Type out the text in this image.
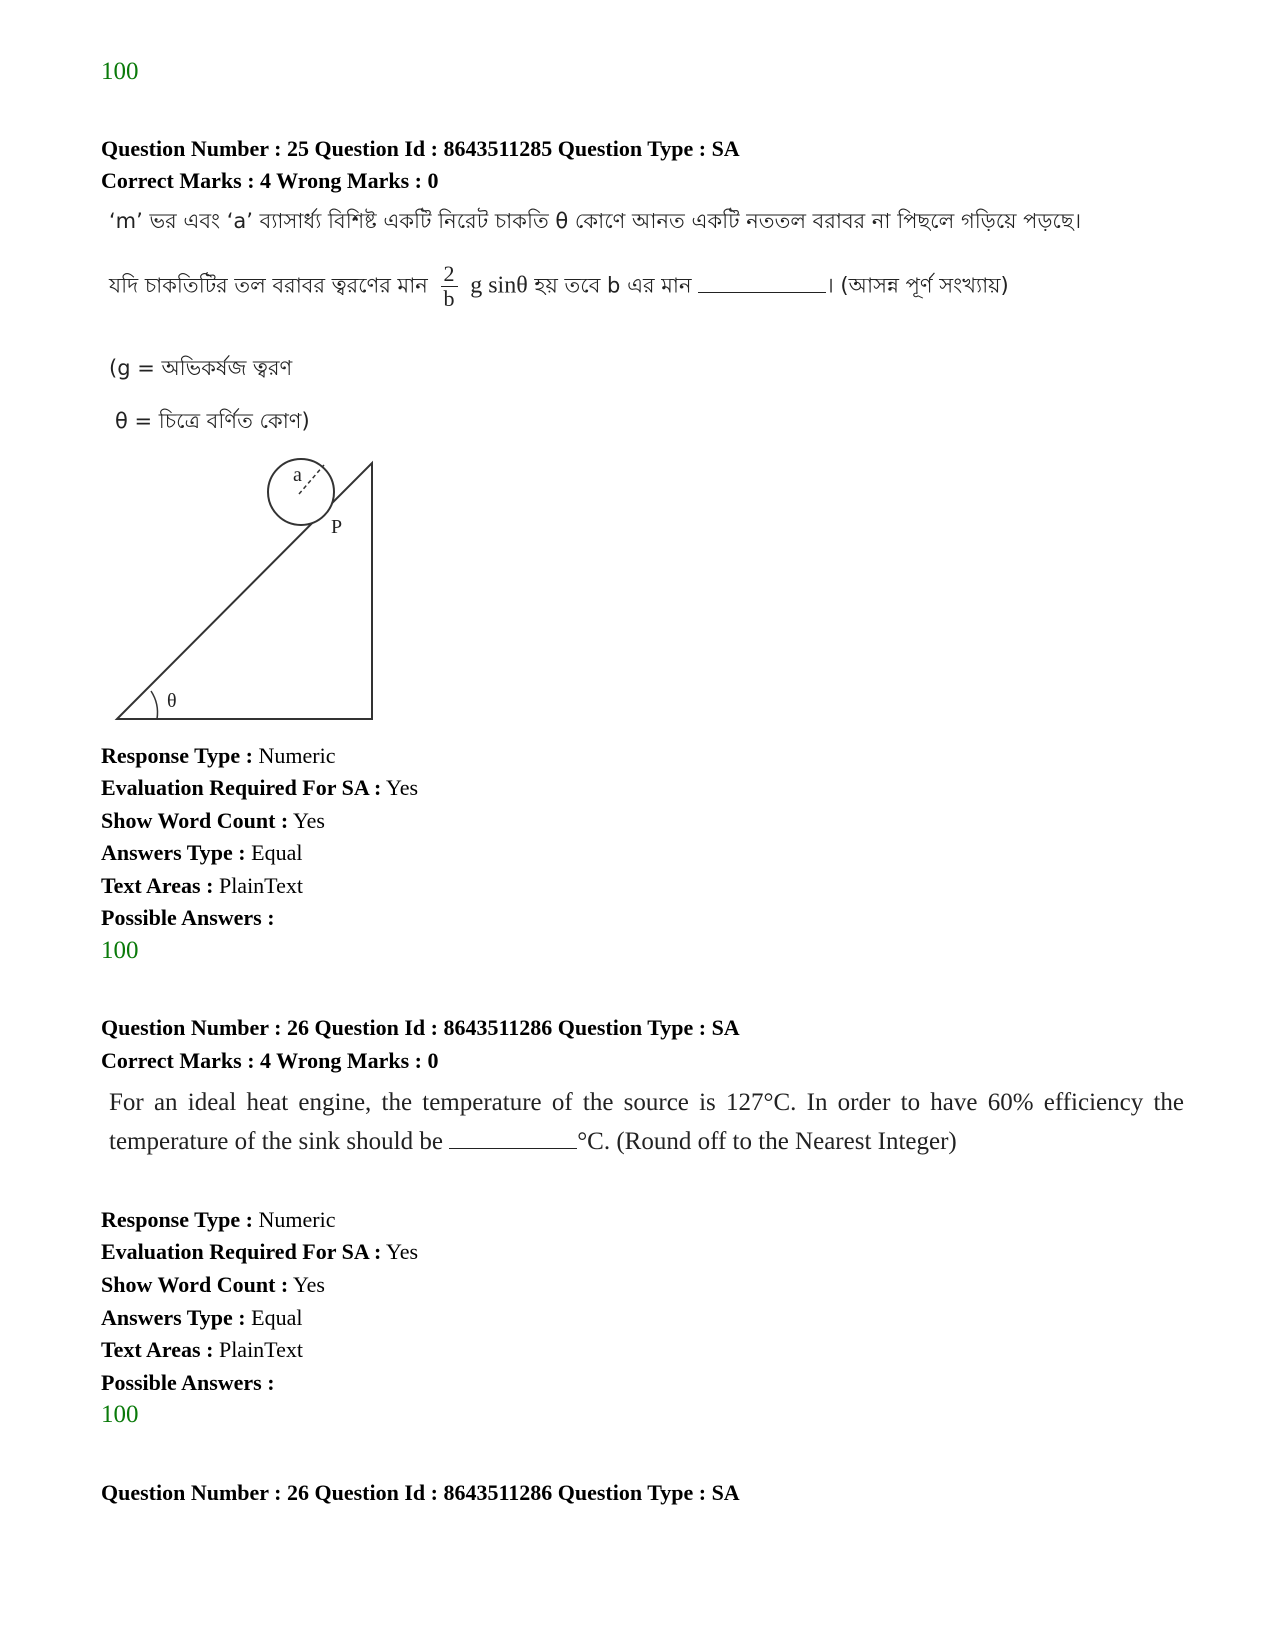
100
Question Number : 25 Question Id : 8643511285 Question Type : SA
Correct Marks : 4 Wrong Marks : 0
‘m’ ভর এবং ‘a’ ব্যাসার্ধ্য বিশিষ্ট একটি নিরেট চাকতি θ কোণে আনত একটি নততল বরাবর না পিছলে গড়িয়ে পড়ছে।
যদি চাকতিটির তল বরাবর ত্বরণের মান $\frac{2}{b}$ g sinθ হয় তবে b এর মান	। (আসন্ন পূর্ণ সংখ্যায়)
(g = অভিকর্ষজ ত্বরণ
θ = চিত্রে বর্ণিত কোণ)
a
P
θ
Response Type : Numeric
Evaluation Required For SA : Yes
Show Word Count : Yes
Answers Type : Equal
Text Areas : PlainText
Possible Answers :
100
Question Number : 26 Question Id : 8643511286 Question Type : SA
Correct Marks : 4 Wrong Marks : 0
For an ideal heat engine, the temperature of the source is 127°C. In order to have 60% efficiency the temperature of the sink should be	°C. (Round off to the Nearest Integer)
Response Type : Numeric
Evaluation Required For SA : Yes
Show Word Count : Yes
Answers Type : Equal
Text Areas : PlainText
Possible Answers :
100
Question Number : 26 Question Id : 8643511286 Question Type : SA
